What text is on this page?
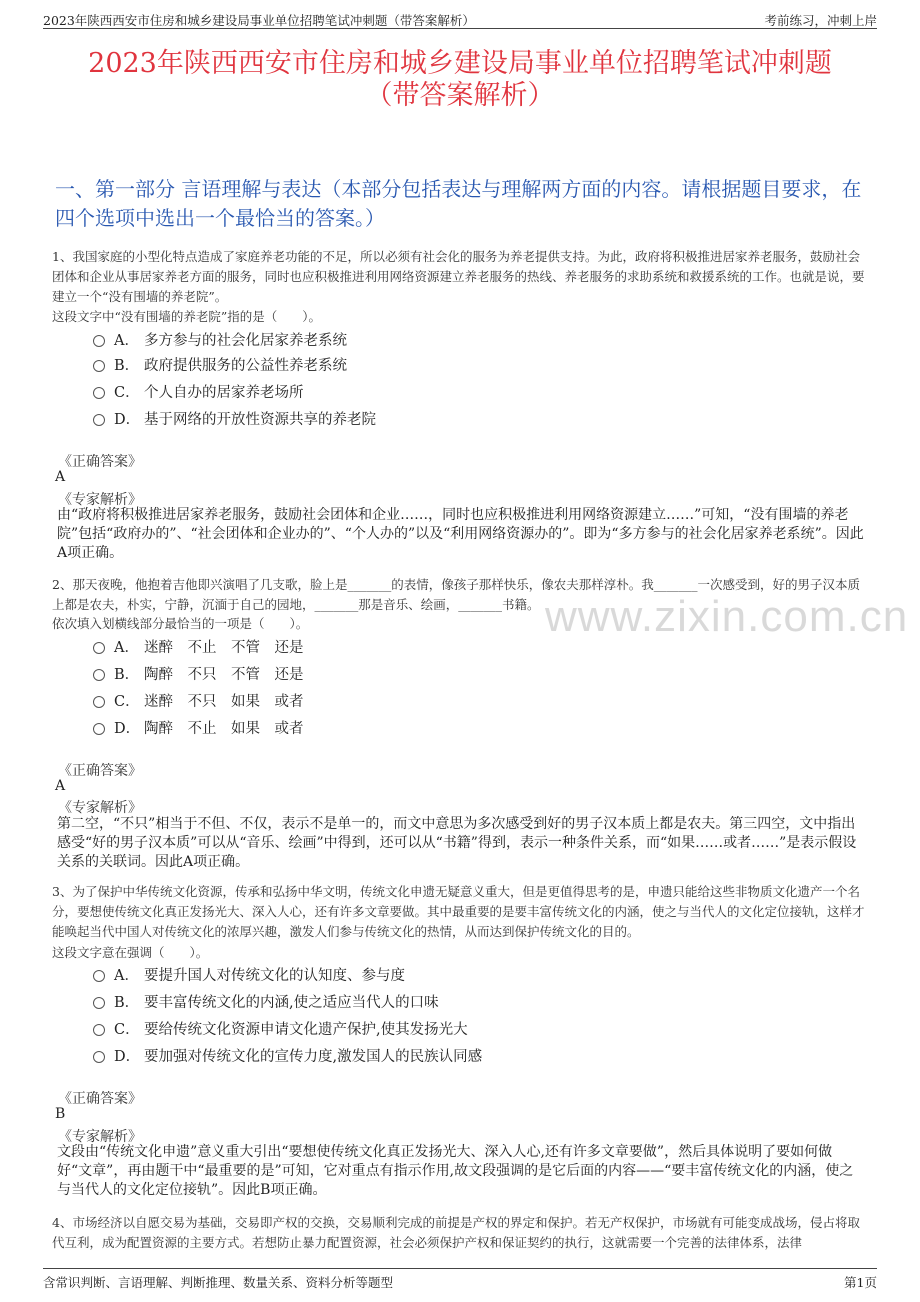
2023年陕西西安市住房和城乡建设局事业单位招聘笔试冲刺题（带答案解析）	考前练习，冲刺上岸
2023年陕西西安市住房和城乡建设局事业单位招聘笔试冲刺题
（带答案解析）
一、第一部分 言语理解与表达（本部分包括表达与理解两方面的内容。请根据题目要求，在四个选项中选出一个最恰当的答案。）
www.zixin.com.cn
1、我国家庭的小型化特点造成了家庭养老功能的不足，所以必须有社会化的服务为养老提供支持。为此，政府将积极推进居家养老服务，鼓励社会团体和企业从事居家养老方面的服务，同时也应积极推进利用网络资源建立养老服务的热线、养老服务的求助系统和救援系统的工作。也就是说，要建立一个“没有围墙的养老院”。
这段文字中“没有围墙的养老院”指的是（　　）。
A． 多方参与的社会化居家养老系统
B． 政府提供服务的公益性养老系统
C． 个人自办的居家养老场所
D． 基于网络的开放性资源共享的养老院
《正确答案》
A
《专家解析》
由“政府将积极推进居家养老服务，鼓励社会团体和企业……，同时也应积极推进利用网络资源建立……”可知，“没有围墙的养老院”包括“政府办的”、“社会团体和企业办的”、“个人办的”以及“利用网络资源办的”。即为“多方参与的社会化居家养老系统”。因此A项正确。
2、那天夜晚，他抱着吉他即兴演唱了几支歌，脸上是_______的表情，像孩子那样快乐，像农夫那样淳朴。我_______一次感受到，好的男子汉本质上都是农夫，朴实，宁静，沉湎于自己的园地，_______那是音乐、绘画，_______书籍。
依次填入划横线部分最恰当的一项是（　　）。
A． 迷醉　不止　不管　还是
B． 陶醉　不只　不管　还是
C． 迷醉　不只　如果　或者
D． 陶醉　不止　如果　或者
《正确答案》
A
《专家解析》
第二空，“不只”相当于不但、不仅，表示不是单一的，而文中意思为多次感受到好的男子汉本质上都是农夫。第三四空，文中指出感受“好的男子汉本质”可以从“音乐、绘画”中得到，还可以从“书籍”得到，表示一种条件关系，而“如果……或者……”是表示假设关系的关联词。因此A项正确。
3、为了保护中华传统文化资源，传承和弘扬中华文明，传统文化申遗无疑意义重大，但是更值得思考的是，申遗只能给这些非物质文化遗产一个名分，要想使传统文化真正发扬光大、深入人心，还有许多文章要做。其中最重要的是要丰富传统文化的内涵，使之与当代人的文化定位接轨，这样才能唤起当代中国人对传统文化的浓厚兴趣，激发人们参与传统文化的热情，从而达到保护传统文化的目的。
这段文字意在强调（　　）。
A． 要提升国人对传统文化的认知度、参与度
B． 要丰富传统文化的内涵,使之适应当代人的口味
C． 要给传统文化资源申请文化遗产保护,使其发扬光大
D． 要加强对传统文化的宣传力度,激发国人的民族认同感
《正确答案》
B
《专家解析》
文段由“传统文化申遗”意义重大引出“要想使传统文化真正发扬光大、深入人心,还有许多文章要做”，然后具体说明了要如何做好“文章”，再由题干中“最重要的是”可知，它对重点有指示作用,故文段强调的是它后面的内容——“要丰富传统文化的内涵，使之与当代人的文化定位接轨”。因此B项正确。
4、市场经济以自愿交易为基础，交易即产权的交换，交易顺利完成的前提是产权的界定和保护。若无产权保护，市场就有可能变成战场，侵占将取代互利，成为配置资源的主要方式。若想防止暴力配置资源，社会必须保护产权和保证契约的执行，这就需要一个完善的法律体系，法律
含常识判断、言语理解、判断推理、数量关系、资料分析等题型	第1页
